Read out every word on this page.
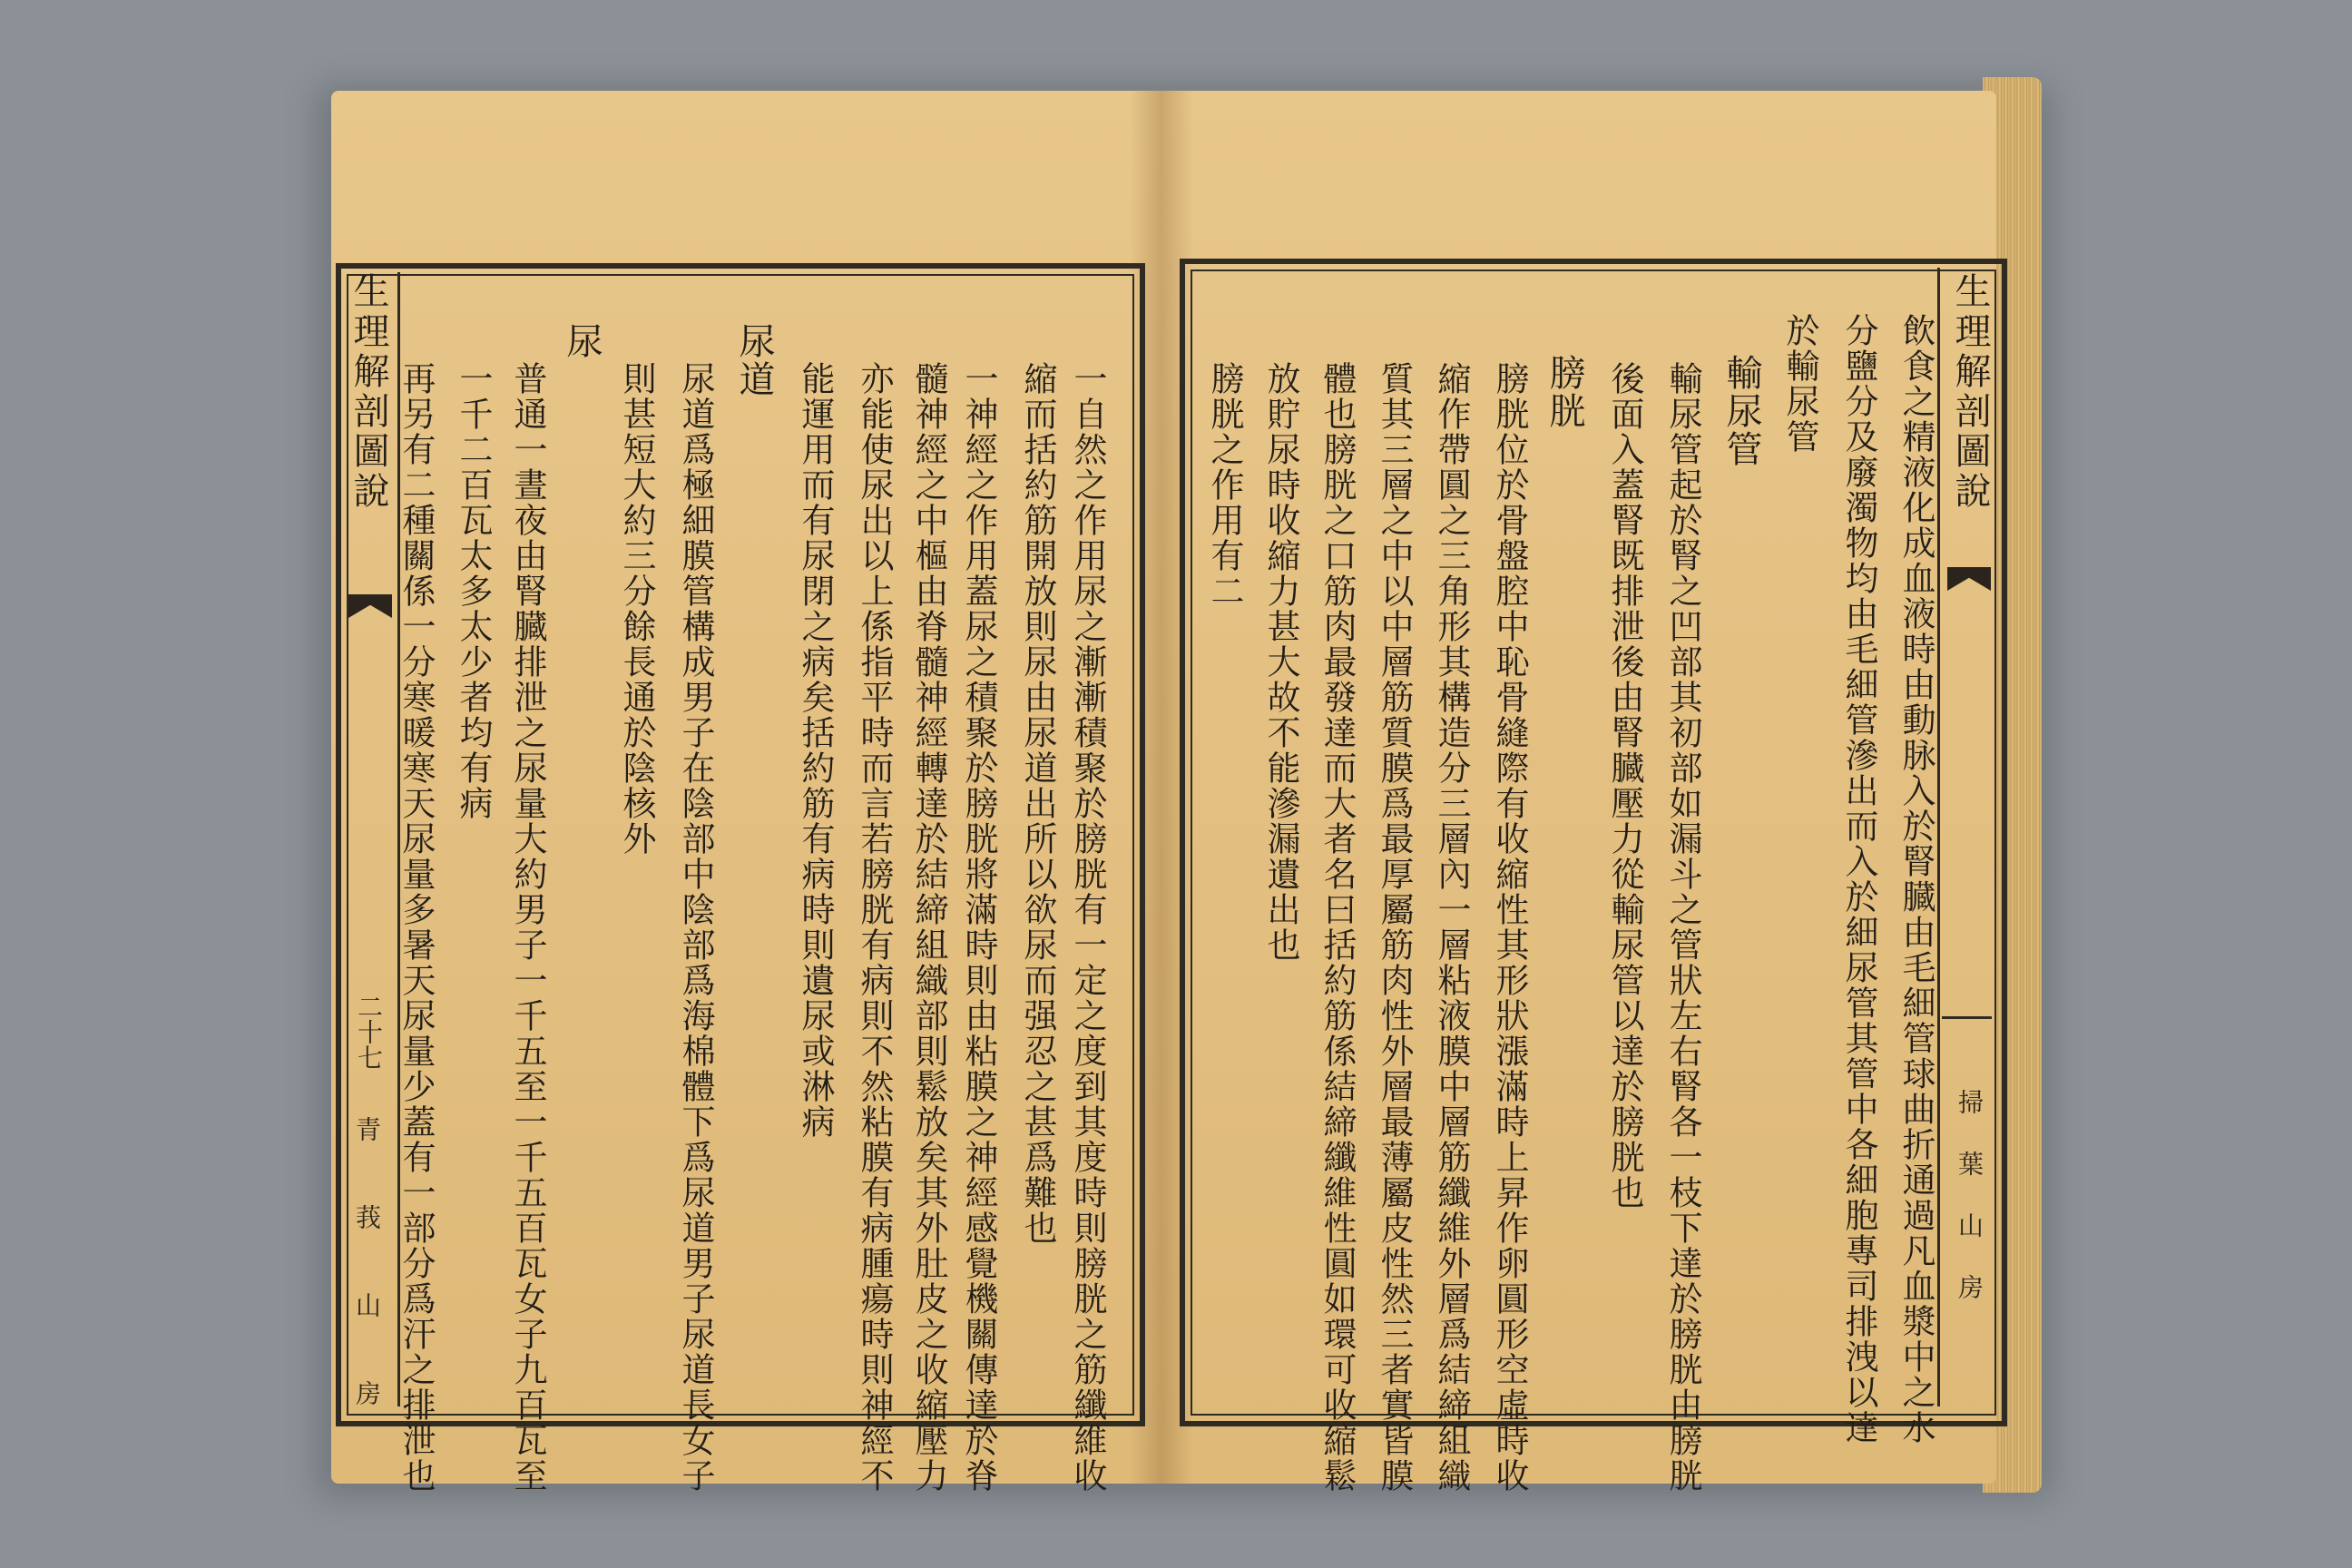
生理解剖圖說
二十七
青 莪 山 房	一自然之作用尿之漸漸積聚於膀胱有一定之度到其度時則膀胱之筋纖維收
縮而括約筋開放則尿由尿道出所以欲尿而强忍之甚爲難也
一神經之作用蓋尿之積聚於膀胱將滿時則由粘膜之神經感覺機關傳達於脊
髓神經之中樞由脊髓神經轉達於結締組織部則鬆放矣其外肚皮之收縮壓力
亦能使尿出以上係指平時而言若膀胱有病則不然粘膜有病腫瘍時則神經不
能運用而有尿閉之病矣括約筋有病時則遺尿或淋病
尿道
尿道爲極細膜管構成男子在陰部中陰部爲海棉體下爲尿道男子尿道長女子
則甚短大約三分餘長通於陰核外
尿
普通一晝夜由腎臓排泄之尿量大約男子一千五至一千五百瓦女子九百瓦至
一千二百瓦太多太少者均有病
再另有二種關係一分寒暖寒天尿量多暑天尿量少蓋有一部分爲汗之排泄也	生理解剖圖說
掃葉山房
飲食之精液化成血液時由動脉入於腎臓由毛細管球曲折通過凡血漿中之水
分鹽分及廢濁物均由毛細管滲出而入於細尿管其管中各細胞專司排洩以達
於輸尿管
輸尿管
輸尿管起於腎之凹部其初部如漏斗之管狀左右腎各一枝下達於膀胱由膀胱
後面入蓋腎既排泄後由腎臓壓力從輸尿管以達於膀胱也
膀胱
膀胱位於骨盤腔中恥骨縫際有收縮性其形狀漲滿時上昇作卵圓形空虛時收
縮作帶圓之三角形其構造分三層內一層粘液膜中層筋纖維外層爲結締組織
質其三層之中以中層筋質膜爲最厚屬筋肉性外層最薄屬皮性然三者實皆膜
體也膀胱之口筋肉最發達而大者名曰括約筋係結締纖維性圓如環可收縮鬆
放貯尿時收縮力甚大故不能滲漏遺出也
膀胱之作用有二
